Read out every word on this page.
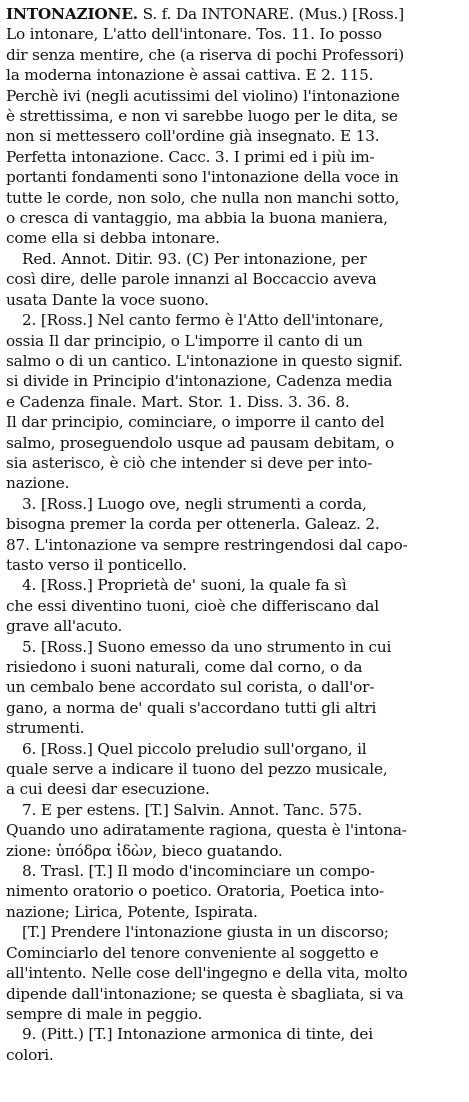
INTONAZIONE. S. f. Da INTONARE. (Mus.) [Ross.]
Lo intonare, L'atto dell'intonare. Tos. 11. Io posso
dir senza mentire, che (a riserva di pochi Professori)
la moderna intonazione è assai cattiva. E 2. 115.
Perchè ivi (negli acutissimi del violino) l'intonazione
è strettissima, e non vi sarebbe luogo per le dita, se
non si mettessero coll'ordine già insegnato. E 13.
Perfetta intonazione. Cacc. 3. I primi ed i più im-
portanti fondamenti sono l'intonazione della voce in
tutte le corde, non solo, che nulla non manchi sotto,
o cresca di vantaggio, ma abbia la buona maniera,
come ella si debba intonare.
Red. Annot. Ditir. 93. (C) Per intonazione, per
così dire, delle parole innanzi al Boccaccio aveva
usata Dante la voce suono.
2. [Ross.] Nel canto fermo è l'Atto dell'intonare,
ossia Il dar principio, o L'imporre il canto di un
salmo o di un cantico. L'intonazione in questo signif.
si divide in Principio d'intonazione, Cadenza media
e Cadenza finale. Mart. Stor. 1. Diss. 3. 36. 8.
Il dar principio, cominciare, o imporre il canto del
salmo, proseguendolo usque ad pausam debitam, o
sia asterisco, è ciò che intender si deve per into-
nazione.
3. [Ross.] Luogo ove, negli strumenti a corda,
bisogna premer la corda per ottenerla. Galeaz. 2.
87. L'intonazione va sempre restringendosi dal capo-
tasto verso il ponticello.
4. [Ross.] Proprietà de' suoni, la quale fa sì
che essi diventino tuoni, cioè che differiscano dal
grave all'acuto.
5. [Ross.] Suono emesso da uno strumento in cui
risiedono i suoni naturali, come dal corno, o da
un cembalo bene accordato sul corista, o dall'or-
gano, a norma de' quali s'accordano tutti gli altri
strumenti.
6. [Ross.] Quel piccolo preludio sull'organo, il
quale serve a indicare il tuono del pezzo musicale,
a cui deesi dar esecuzione.
7. E per estens. [T.] Salvin. Annot. Tanc. 575.
Quando uno adiratamente ragiona, questa è l'intona-
zione: ὑπόδρα ἰδὼν, bieco guatando.
8. Trasl. [T.] Il modo d'incominciare un compo-
nimento oratorio o poetico. Oratoria, Poetica into-
nazione; Lirica, Potente, Ispirata.
[T.] Prendere l'intonazione giusta in un discorso;
Cominciarlo del tenore conveniente al soggetto e
all'intento. Nelle cose dell'ingegno e della vita, molto
dipende dall'intonazione; se questa è sbagliata, si va
sempre di male in peggio.
9. (Pitt.) [T.] Intonazione armonica di tinte, dei
colori.
